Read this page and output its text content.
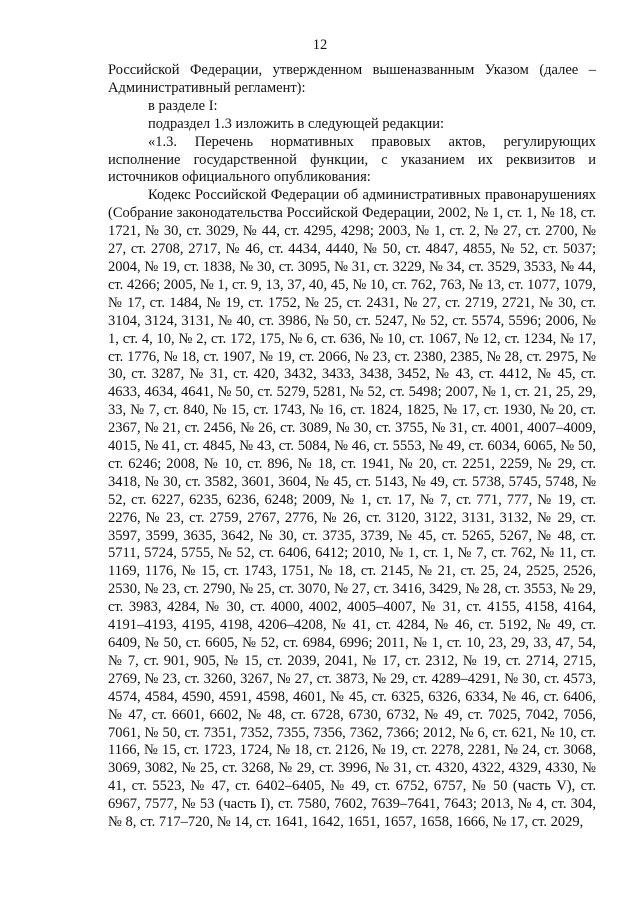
12

Российской Федерации, утвержденном вышеназванным Указом (далее – Административный регламент):

в разделе I:

подраздел 1.3 изложить в следующей редакции:

«1.3. Перечень нормативных правовых актов, регулирующих исполнение государственной функции, с указанием их реквизитов и источников официального опубликования:

Кодекс Российской Федерации об административных правонарушениях (Собрание законодательства Российской Федерации, 2002, № 1, ст. 1, № 18, ст. 1721, № 30, ст. 3029, № 44, ст. 4295, 4298; 2003, № 1, ст. 2, № 27, ст. 2700, № 27, ст. 2708, 2717, № 46, ст. 4434, 4440, № 50, ст. 4847, 4855, № 52, ст. 5037; 2004, № 19, ст. 1838, № 30, ст. 3095, № 31, ст. 3229, № 34, ст. 3529, 3533, № 44, ст. 4266; 2005, № 1, ст. 9, 13, 37, 40, 45, № 10, ст. 762, 763, № 13, ст. 1077, 1079, № 17, ст. 1484, № 19, ст. 1752, № 25, ст. 2431, № 27, ст. 2719, 2721, № 30, ст. 3104, 3124, 3131, № 40, ст. 3986, № 50, ст. 5247, № 52, ст. 5574, 5596; 2006, № 1, ст. 4, 10, № 2, ст. 172, 175, № 6, ст. 636, № 10, ст. 1067, № 12, ст. 1234, № 17, ст. 1776, № 18, ст. 1907, № 19, ст. 2066, № 23, ст. 2380, 2385, № 28, ст. 2975, № 30, ст. 3287, № 31, ст. 420, 3432, 3433, 3438, 3452, № 43, ст. 4412, № 45, ст. 4633, 4634, 4641, № 50, ст. 5279, 5281, № 52, ст. 5498; 2007, № 1, ст. 21, 25, 29, 33, № 7, ст. 840, № 15, ст. 1743, № 16, ст. 1824, 1825, № 17, ст. 1930, № 20, ст. 2367, № 21, ст. 2456, № 26, ст. 3089, № 30, ст. 3755, № 31, ст. 4001, 4007–4009, 4015, № 41, ст. 4845, № 43, ст. 5084, № 46, ст. 5553, № 49, ст. 6034, 6065, № 50, ст. 6246; 2008, № 10, ст. 896, № 18, ст. 1941, № 20, ст. 2251, 2259, № 29, ст. 3418, № 30, ст. 3582, 3601, 3604, № 45, ст. 5143, № 49, ст. 5738, 5745, 5748, № 52, ст. 6227, 6235, 6236, 6248; 2009, № 1, ст. 17, № 7, ст. 771, 777, № 19, ст. 2276, № 23, ст. 2759, 2767, 2776, № 26, ст. 3120, 3122, 3131, 3132, № 29, ст. 3597, 3599, 3635, 3642, № 30, ст. 3735, 3739, № 45, ст. 5265, 5267, № 48, ст. 5711, 5724, 5755, № 52, ст. 6406, 6412; 2010, № 1, ст. 1, № 7, ст. 762, № 11, ст. 1169, 1176, № 15, ст. 1743, 1751, № 18, ст. 2145, № 21, ст. 25, 24, 2525, 2526, 2530, № 23, ст. 2790, № 25, ст. 3070, № 27, ст. 3416, 3429, № 28, ст. 3553, № 29, ст. 3983, 4284, № 30, ст. 4000, 4002, 4005–4007, № 31, ст. 4155, 4158, 4164, 4191–4193, 4195, 4198, 4206–4208, № 41, ст. 4284, № 46, ст. 5192, № 49, ст. 6409, № 50, ст. 6605, № 52, ст. 6984, 6996; 2011, № 1, ст. 10, 23, 29, 33, 47, 54, № 7, ст. 901, 905, № 15, ст. 2039, 2041, № 17, ст. 2312, № 19, ст. 2714, 2715, 2769, № 23, ст. 3260, 3267, № 27, ст. 3873, № 29, ст. 4289–4291, № 30, ст. 4573, 4574, 4584, 4590, 4591, 4598, 4601, № 45, ст. 6325, 6326, 6334, № 46, ст. 6406, № 47, ст. 6601, 6602, № 48, ст. 6728, 6730, 6732, № 49, ст. 7025, 7042, 7056, 7061, № 50, ст. 7351, 7352, 7355, 7356, 7362, 7366; 2012, № 6, ст. 621, № 10, ст. 1166, № 15, ст. 1723, 1724, № 18, ст. 2126, № 19, ст. 2278, 2281, № 24, ст. 3068, 3069, 3082, № 25, ст. 3268, № 29, ст. 3996, № 31, ст. 4320, 4322, 4329, 4330, № 41, ст. 5523, № 47, ст. 6402–6405, № 49, ст. 6752, 6757, № 50 (часть V), ст. 6967, 7577, № 53 (часть I), ст. 7580, 7602, 7639–7641, 7643; 2013, № 4, ст. 304, № 8, ст. 717–720, № 14, ст. 1641, 1642, 1651, 1657, 1658, 1666, № 17, ст. 2029,
